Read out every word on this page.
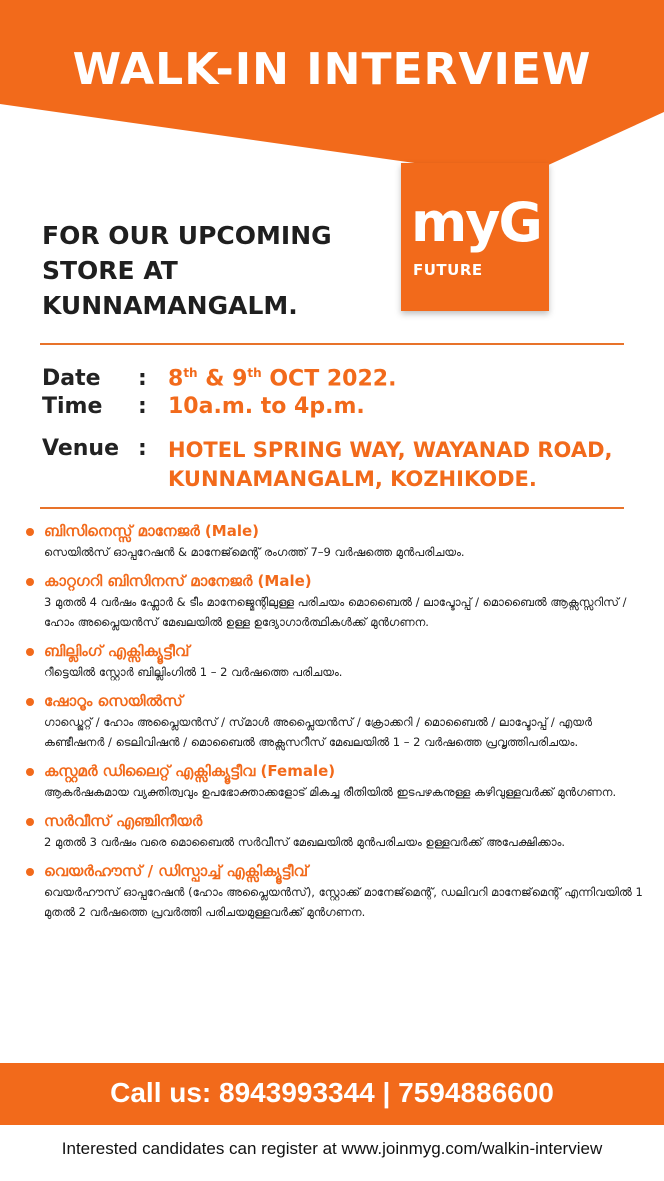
WALK-IN INTERVIEW
myG
FUTURE
FOR OUR UPCOMING
STORE AT
KUNNAMANGALM.
Date : 8th & 9th OCT 2022.
Time : 10a.m. to 4p.m.
Venue : HOTEL SPRING WAY, WAYANAD ROAD,
KUNNAMANGALM, KOZHIKODE.
ബിസിനെസ്സ് മാനേജർ (Male)
സെയിൽസ് ഓപ്പറേഷൻ & മാനേജ്‌മെന്റ് രംഗത്ത് 7–9 വർഷത്തെ മുൻപരിചയം.
കാറ്റഗറി ബിസിനസ് മാനേജർ (Male)
3 മുതൽ 4 വർഷം ഫ്ലോർ & ടീം മാനേജ്മെന്റിലുള്ള പരിചയം മൊബൈൽ / ലാപ്ടോപ്പ് / മൊബൈൽ ആക്സസ്സറിസ് / ഹോം അപ്ലൈയൻസ് മേഖലയിൽ ഉള്ള ഉദ്യോഗാർത്ഥികൾക്ക് മുൻഗണന.
ബില്ലിംഗ് എക്സിക്യൂട്ടീവ്
റീട്ടെയിൽ സ്റ്റോർ ബില്ലിംഗിൽ 1 – 2 വർഷത്തെ പരിചയം.
ഷോറൂം സെയിൽസ്
ഗാഡ്ജെറ്റ് / ഹോം അപ്ലൈയൻസ് / സ്‌മാൾ അപ്ലൈയൻസ് / ക്രോക്കറി / മൊബൈൽ / ലാപ്ടോപ്പ് / എയർ കണ്ടീഷനർ / ടെലിവിഷൻ / മൊബൈൽ അക്സസറീസ് മേഖലയിൽ 1 – 2 വർഷത്തെ പ്രവൃത്തിപരിചയം.
കസ്റ്റമർ ഡിലൈറ്റ് എക്സിക്യൂട്ടീവ (Female)
ആകർഷകമായ വ്യക്തിത്വവും ഉപഭോക്താക്കളോട് മികച്ച രീതിയിൽ ഇടപഴകനുള്ള കഴിവുള്ളവർക്ക് മുൻഗണന.
സർവീസ് എഞ്ചിനീയർ
2 മുതൽ 3 വർഷം വരെ മൊബൈൽ സർവീസ് മേഖലയിൽ മുൻപരിചയം ഉള്ളവർക്ക് അപേക്ഷിക്കാം.
വെയർഹൗസ് / ഡിസ്പാച്ച് എക്സിക്യൂട്ടീവ്
വെയർഹൗസ് ഓപ്പറേഷൻ (ഹോം അപ്ലൈയൻസ്), സ്റ്റോക്ക് മാനേജ്‌മെന്റ്, ഡലിവറി മാനേജ്‌മെന്റ് എന്നിവയിൽ 1 മുതൽ 2 വർഷത്തെ പ്രവർത്തി പരിചയമുള്ളവർക്ക് മുൻഗണന.
Call us: 8943993344 | 7594886600
Interested candidates can register at www.joinmyg.com/walkin-interview
